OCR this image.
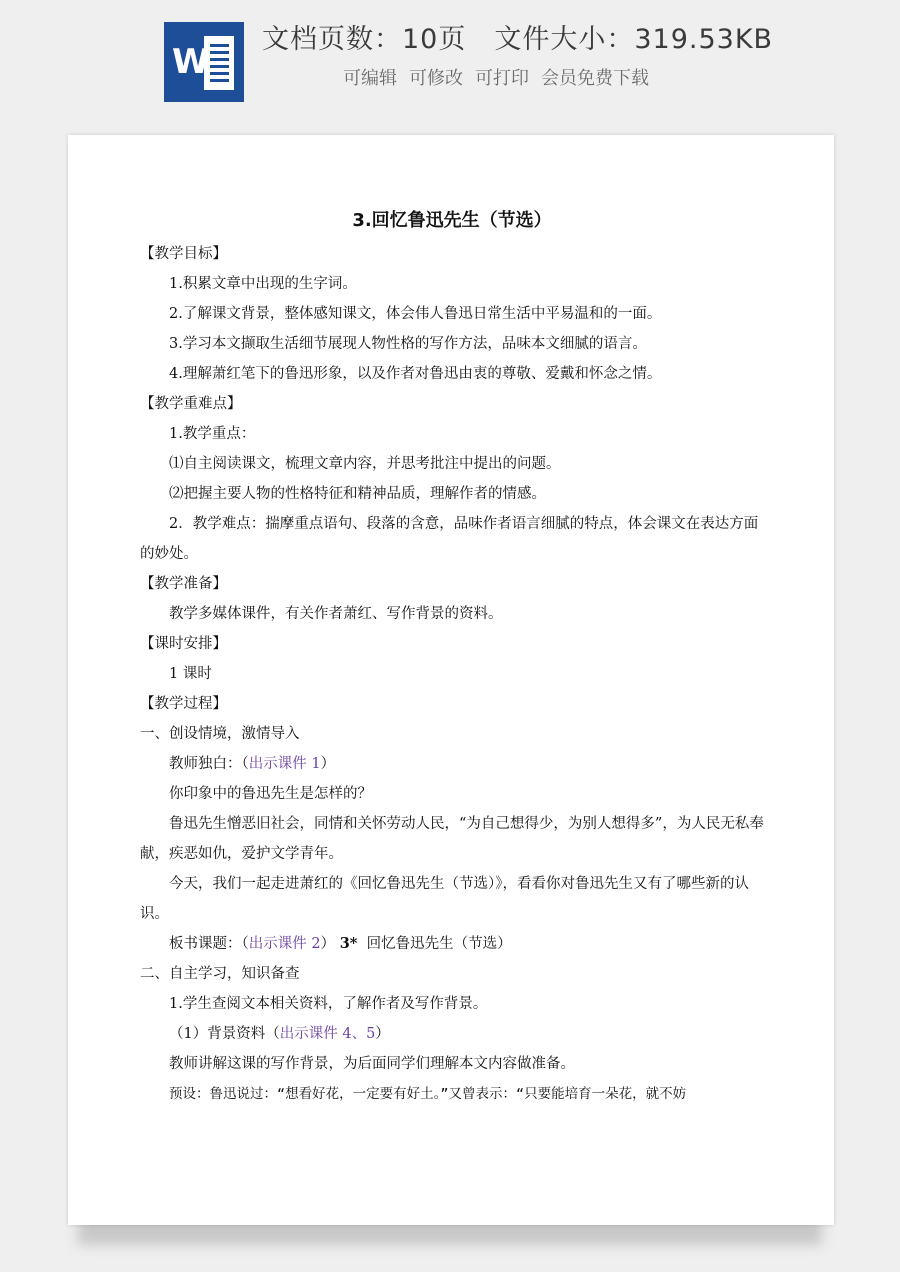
W
文档页数：10页 文件大小：319.53KB
可编辑 可修改 可打印 会员免费下载
3.回忆鲁迅先生（节选）
【教学目标】
1.积累文章中出现的生字词。
2.了解课文背景，整体感知课文，体会伟人鲁迅日常生活中平易温和的一面。
3.学习本文撷取生活细节展现人物性格的写作方法，品味本文细腻的语言。
4.理解萧红笔下的鲁迅形象，以及作者对鲁迅由衷的尊敬、爱戴和怀念之情。
【教学重难点】
1.教学重点：
⑴自主阅读课文，梳理文章内容，并思考批注中提出的问题。
⑵把握主要人物的性格特征和精神品质，理解作者的情感。
2．教学难点：揣摩重点语句、段落的含意，品味作者语言细腻的特点，体会课文在表达方面的妙处。
【教学准备】
教学多媒体课件，有关作者萧红、写作背景的资料。
【课时安排】
1 课时
【教学过程】
一、创设情境，激情导入
教师独白：（出示课件 1）
你印象中的鲁迅先生是怎样的？
鲁迅先生憎恶旧社会，同情和关怀劳动人民，“为自己想得少，为别人想得多”，为人民无私奉献，疾恶如仇，爱护文学青年。
今天，我们一起走进萧红的《回忆鲁迅先生（节选）》，看看你对鲁迅先生又有了哪些新的认识。
板书课题：（出示课件 2） 3* 回忆鲁迅先生（节选）
二、自主学习，知识备查
1.学生查阅文本相关资料，了解作者及写作背景。
（1）背景资料（出示课件 4、5）
教师讲解这课的写作背景，为后面同学们理解本文内容做准备。
预设：鲁迅说过：“想看好花，一定要有好土。”又曾表示：“只要能培育一朵花，就不妨
